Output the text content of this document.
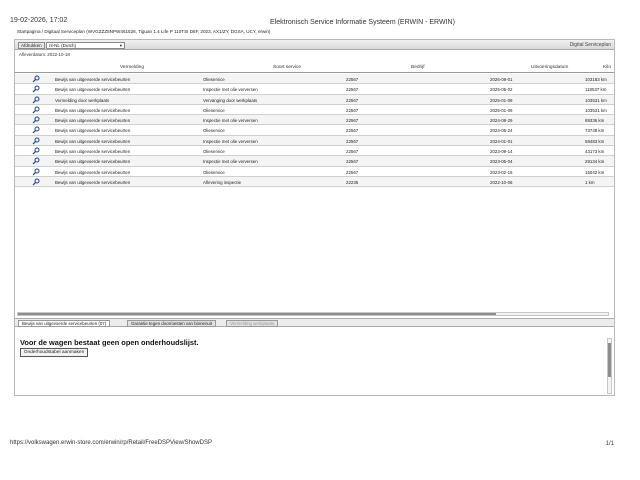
19-02-2026, 17:02	Elektronisch Service Informatie Systeem (ERWIN - ERWIN)
Startpagina / Digitaal Serviceplan (WVGZZZ5NPW461526, Tiguan 1.4 Life P 110TSI D6F, 2023, AX1/ZY, DGSA, UCY, erwin)
Afdrukken	nl-NL (Dutch)	▾	Digital Serviceplan
Afleverdatum: 2022-10-18
Vermelding	Soort service	Bedrijf	Uitvoeringsdatum	Kilo
Bewijs van uitgevoerde servicebeurten	Olieservice	22567	2026-08-01	103183 km
Bewijs van uitgevoerde servicebeurten	Inspectie met olie verversen	22567	2025-05-02	118537 km
Vermelding door werkplaats	Vervanging door werkplaats	22567	2025-01-09	103531 km
Bewijs van uitgevoerde servicebeurten	Olieservice	22567	2025-01-09	103531 km
Bewijs van uitgevoerde servicebeurten	Inspectie met olie verversen	22567	2024-08-29	89336 km
Bewijs van uitgevoerde servicebeurten	Olieservice	22567	2024-05-24	73748 km
Bewijs van uitgevoerde servicebeurten	Inspectie met olie verversen	22567	2024-01-01	58483 km
Bewijs van uitgevoerde servicebeurten	Olieservice	22567	2023-09-14	43173 km
Bewijs van uitgevoerde servicebeurten	Inspectie met olie verversen	22567	2023-05-04	28134 km
Bewijs van uitgevoerde servicebeurten	Olieservice	22567	2023-02-15	15042 km
Bewijs van uitgevoerde servicebeurten	Aflevering inspectie	22235	2022-10-06	1 km
Bewijs van uitgevoerde servicebeurten (07)	Garantie tegen doorroesten van binnenuit	Vermelding werkplaats
Voor de wagen bestaat geen open onderhoudslijst.
Onderhoudstabel aanmaken
https://volkswagen.erwin-store.com/erwin/rp/Retail/FreeDSPView/ShowDSP	1/1
